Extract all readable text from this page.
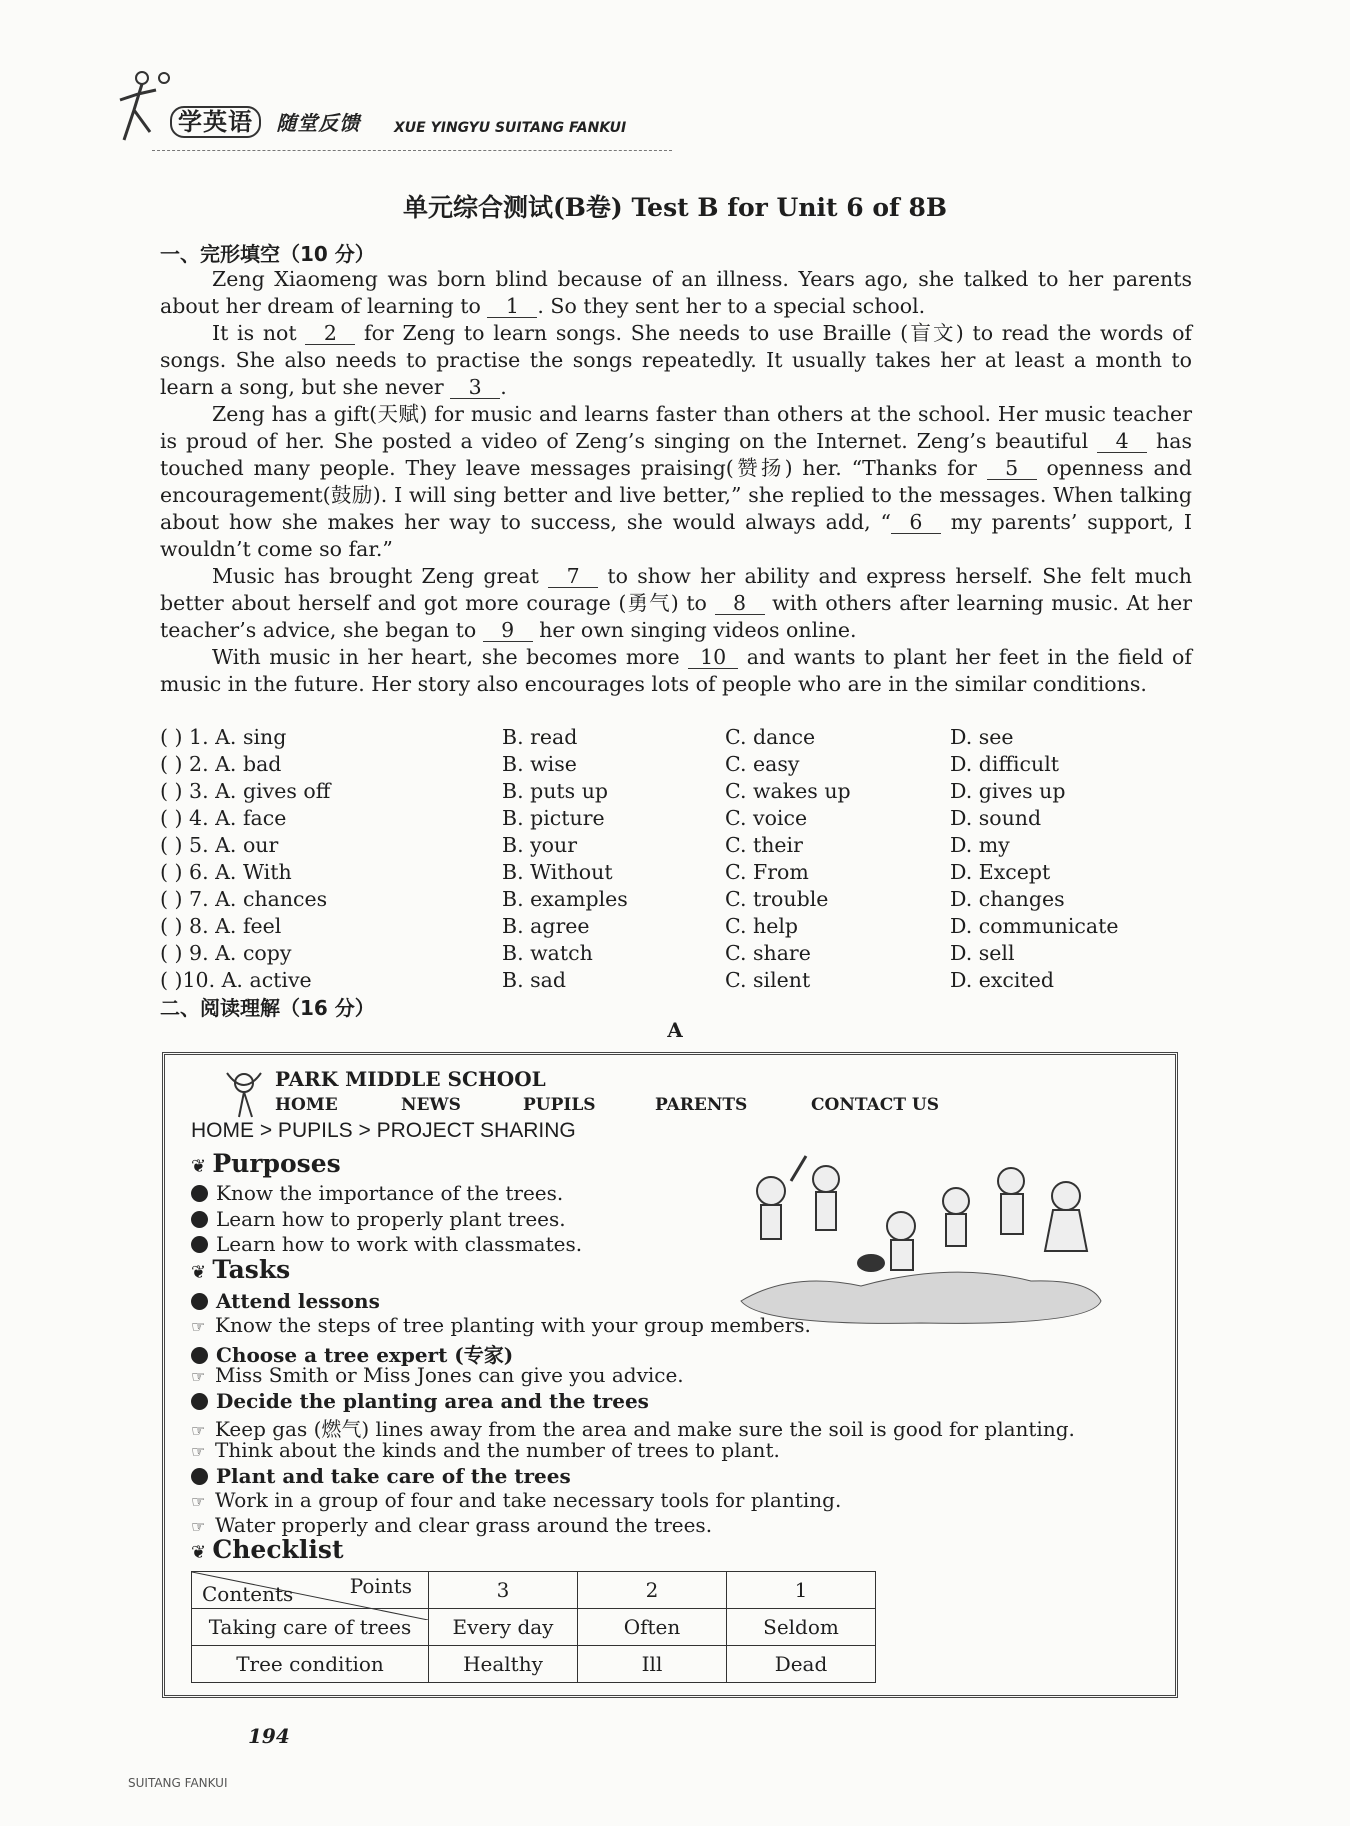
学英语 随堂反馈 XUE YINGYU SUITANG FANKUI
单元综合测试(B卷) Test B for Unit 6 of 8B
一、完形填空（10 分）

Zeng Xiaomeng was born blind because of an illness. Years ago, she talked to her parents about her dream of learning to 1 . So they sent her to a special school.

It is not 2 for Zeng to learn songs. She needs to use Braille (盲文) to read the words of songs. She also needs to practise the songs repeatedly. It usually takes her at least a month to learn a song, but she never 3 .

Zeng has a gift(天赋) for music and learns faster than others at the school. Her music teacher is proud of her. She posted a video of Zeng’s singing on the Internet. Zeng’s beautiful 4 has touched many people. They leave messages praising(赞扬) her. “Thanks for 5 openness and encouragement(鼓励). I will sing better and live better,” she replied to the messages. When talking about how she makes her way to success, she would always add, “ 6 my parents’ support, I wouldn’t come so far.”

Music has brought Zeng great 7 to show her ability and express herself. She felt much better about herself and got more courage (勇气) to 8 with others after learning music. At her teacher’s advice, she began to 9 her own singing videos online.

With music in her heart, she becomes more 10 and wants to plant her feet in the field of music in the future. Her story also encourages lots of people who are in the similar conditions.

( ) 1. A. sing	B. read	C. dance	D. see
( ) 2. A. bad	B. wise	C. easy	D. difficult
( ) 3. A. gives off	B. puts up	C. wakes up	D. gives up
( ) 4. A. face	B. picture	C. voice	D. sound
( ) 5. A. our	B. your	C. their	D. my
( ) 6. A. With	B. Without	C. From	D. Except
( ) 7. A. chances	B. examples	C. trouble	D. changes
( ) 8. A. feel	B. agree	C. help	D. communicate
( ) 9. A. copy	B. watch	C. share	D. sell
( )10. A. active	B. sad	C. silent	D. excited
二、阅读理解（16 分）
A
PARK MIDDLE SCHOOL
HOME	NEWS	PUPILS	PARENTS	CONTACT US
HOME > PUPILS > PROJECT SHARING
❦ Purposes
Know the importance of the trees.
Learn how to properly plant trees.
Learn how to work with classmates.
❦ Tasks
Attend lessons
☞ Know the steps of tree planting with your group members.
Choose a tree expert (专家)
☞ Miss Smith or Miss Jones can give you advice.
Decide the planting area and the trees
☞ Keep gas (燃气) lines away from the area and make sure the soil is good for planting.
☞ Think about the kinds and the number of trees to plant.
Plant and take care of the trees
☞ Work in a group of four and take necessary tools for planting.
☞ Water properly and clear grass around the trees.
❦ Checklist
Points
Contents	3	2	1
Taking care of trees	Every day	Often	Seldom
Tree condition	Healthy	Ill	Dead
194
SUITANG FANKUI
